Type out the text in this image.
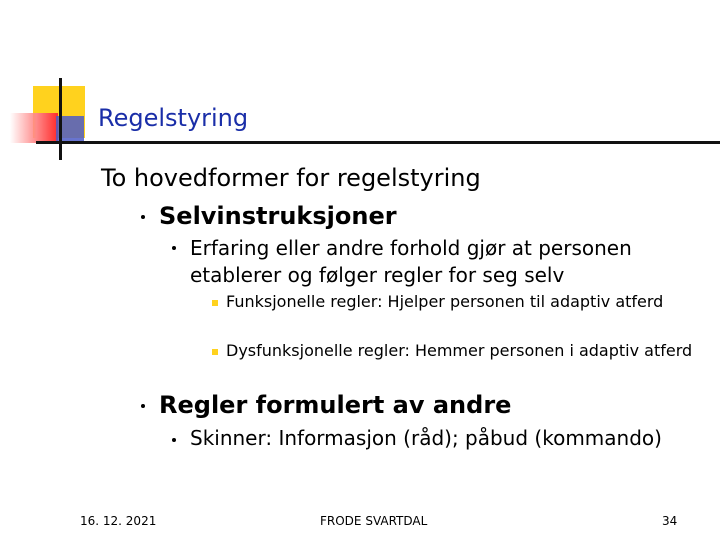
Regelstyring
To hovedformer for regelstyring
Selvinstruksjoner
Erfaring eller andre forhold gjør at personen etablerer og følger regler for seg selv
Funksjonelle regler: Hjelper personen til adaptiv atferd
Dysfunksjonelle regler: Hemmer personen i adaptiv atferd
Regler formulert av andre
Skinner: Informasjon (råd); påbud (kommando)
16. 12. 2021	FRODE SVARTDAL	34
